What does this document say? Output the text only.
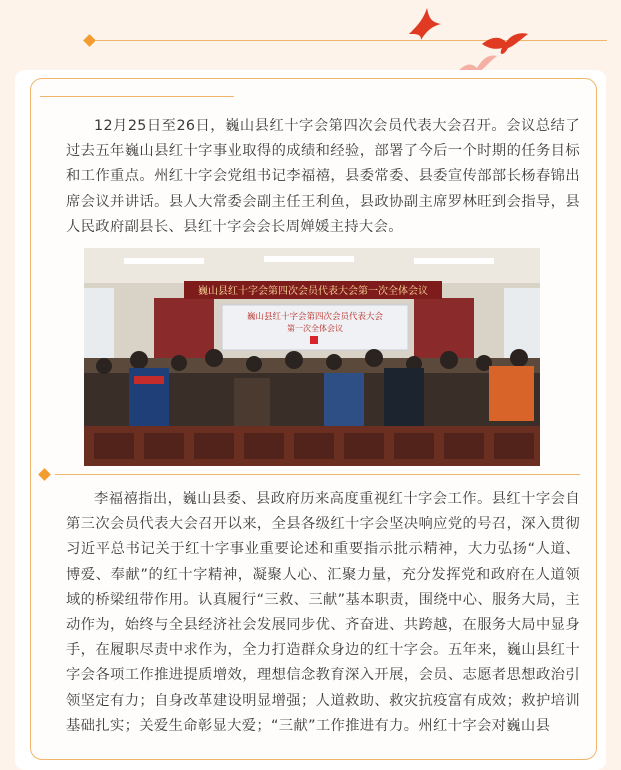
12月25日至26日，巍山县红十字会第四次会员代表大会召开。会议总结了过去五年巍山县红十字事业取得的成绩和经验，部署了今后一个时期的任务目标和工作重点。州红十字会党组书记李福禧，县委常委、县委宣传部部长杨春锦出席会议并讲话。县人大常委会副主任王利鱼，县政协副主席罗林旺到会指导，县人民政府副县长、县红十字会会长周婵媛主持大会。

巍山县红十字会第四次会员代表大会第一次全体会议
巍山县红十字会第四次会员代表大会
第一次全体会议

李福禧指出，巍山县委、县政府历来高度重视红十字会工作。县红十字会自第三次会员代表大会召开以来，全县各级红十字会坚决响应党的号召，深入贯彻习近平总书记关于红十字事业重要论述和重要指示批示精神，大力弘扬“人道、博爱、奉献”的红十字精神，凝聚人心、汇聚力量，充分发挥党和政府在人道领域的桥梁纽带作用。认真履行“三救、三献”基本职责，围绕中心、服务大局，主动作为，始终与全县经济社会发展同步优、齐奋进、共跨越，在服务大局中显身手，在履职尽责中求作为，全力打造群众身边的红十字会。五年来，巍山县红十字会各项工作推进提质增效，理想信念教育深入开展，会员、志愿者思想政治引领坚定有力；自身改革建设明显增强；人道救助、救灾抗疫富有成效；救护培训基础扎实；关爱生命彰显大爱；“三献”工作推进有力。州红十字会对巍山县
